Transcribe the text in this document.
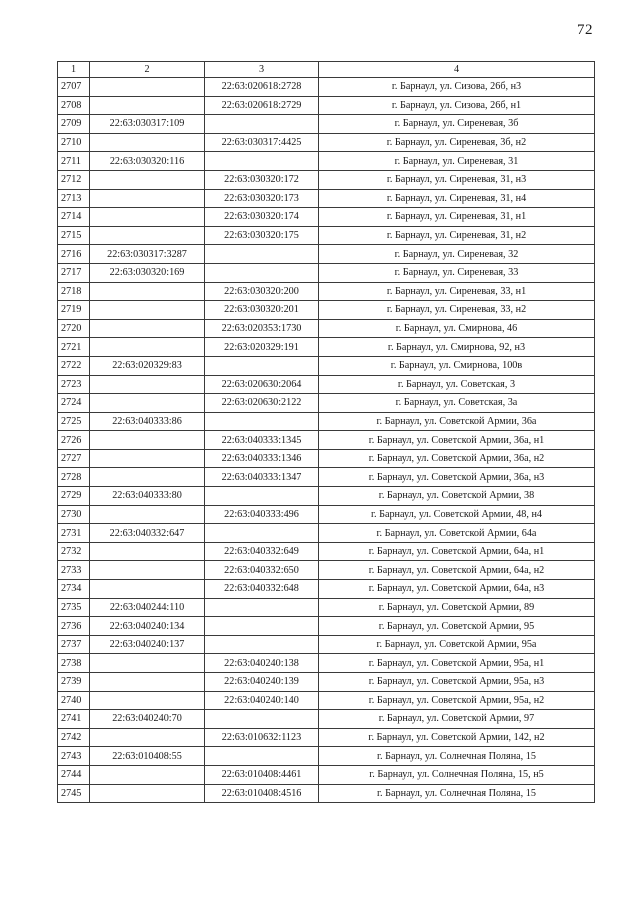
72
1	2	3	4
2707		22:63:020618:2728	г. Барнаул, ул. Сизова, 26б, н3
2708		22:63:020618:2729	г. Барнаул, ул. Сизова, 26б, н1
2709	22:63:030317:109		г. Барнаул, ул. Сиреневая, 3б
2710		22:63:030317:4425	г. Барнаул, ул. Сиреневая, 3б, н2
2711	22:63:030320:116		г. Барнаул, ул. Сиреневая, 31
2712		22:63:030320:172	г. Барнаул, ул. Сиреневая, 31, н3
2713		22:63:030320:173	г. Барнаул, ул. Сиреневая, 31, н4
2714		22:63:030320:174	г. Барнаул, ул. Сиреневая, 31, н1
2715		22:63:030320:175	г. Барнаул, ул. Сиреневая, 31, н2
2716	22:63:030317:3287		г. Барнаул, ул. Сиреневая, 32
2717	22:63:030320:169		г. Барнаул, ул. Сиреневая, 33
2718		22:63:030320:200	г. Барнаул, ул. Сиреневая, 33, н1
2719		22:63:030320:201	г. Барнаул, ул. Сиреневая, 33, н2
2720		22:63:020353:1730	г. Барнаул, ул. Смирнова, 46
2721		22:63:020329:191	г. Барнаул, ул. Смирнова, 92, н3
2722	22:63:020329:83		г. Барнаул, ул. Смирнова, 100в
2723		22:63:020630:2064	г. Барнаул, ул. Советская, 3
2724		22:63:020630:2122	г. Барнаул, ул. Советская, 3а
2725	22:63:040333:86		г. Барнаул, ул. Советской Армии, 36а
2726		22:63:040333:1345	г. Барнаул, ул. Советской Армии, 36а, н1
2727		22:63:040333:1346	г. Барнаул, ул. Советской Армии, 36а, н2
2728		22:63:040333:1347	г. Барнаул, ул. Советской Армии, 36а, н3
2729	22:63:040333:80		г. Барнаул, ул. Советской Армии, 38
2730		22:63:040333:496	г. Барнаул, ул. Советской Армии, 48, н4
2731	22:63:040332:647		г. Барнаул, ул. Советской Армии, 64а
2732		22:63:040332:649	г. Барнаул, ул. Советской Армии, 64а, н1
2733		22:63:040332:650	г. Барнаул, ул. Советской Армии, 64а, н2
2734		22:63:040332:648	г. Барнаул, ул. Советской Армии, 64а, н3
2735	22:63:040244:110		г. Барнаул, ул. Советской Армии, 89
2736	22:63:040240:134		г. Барнаул, ул. Советской Армии, 95
2737	22:63:040240:137		г. Барнаул, ул. Советской Армии, 95а
2738		22:63:040240:138	г. Барнаул, ул. Советской Армии, 95а, н1
2739		22:63:040240:139	г. Барнаул, ул. Советской Армии, 95а, н3
2740		22:63:040240:140	г. Барнаул, ул. Советской Армии, 95а, н2
2741	22:63:040240:70		г. Барнаул, ул. Советской Армии, 97
2742		22:63:010632:1123	г. Барнаул, ул. Советской Армии, 142, н2
2743	22:63:010408:55		г. Барнаул, ул. Солнечная Поляна, 15
2744		22:63:010408:4461	г. Барнаул, ул. Солнечная Поляна, 15, н5
2745		22:63:010408:4516	г. Барнаул, ул. Солнечная Поляна, 15
